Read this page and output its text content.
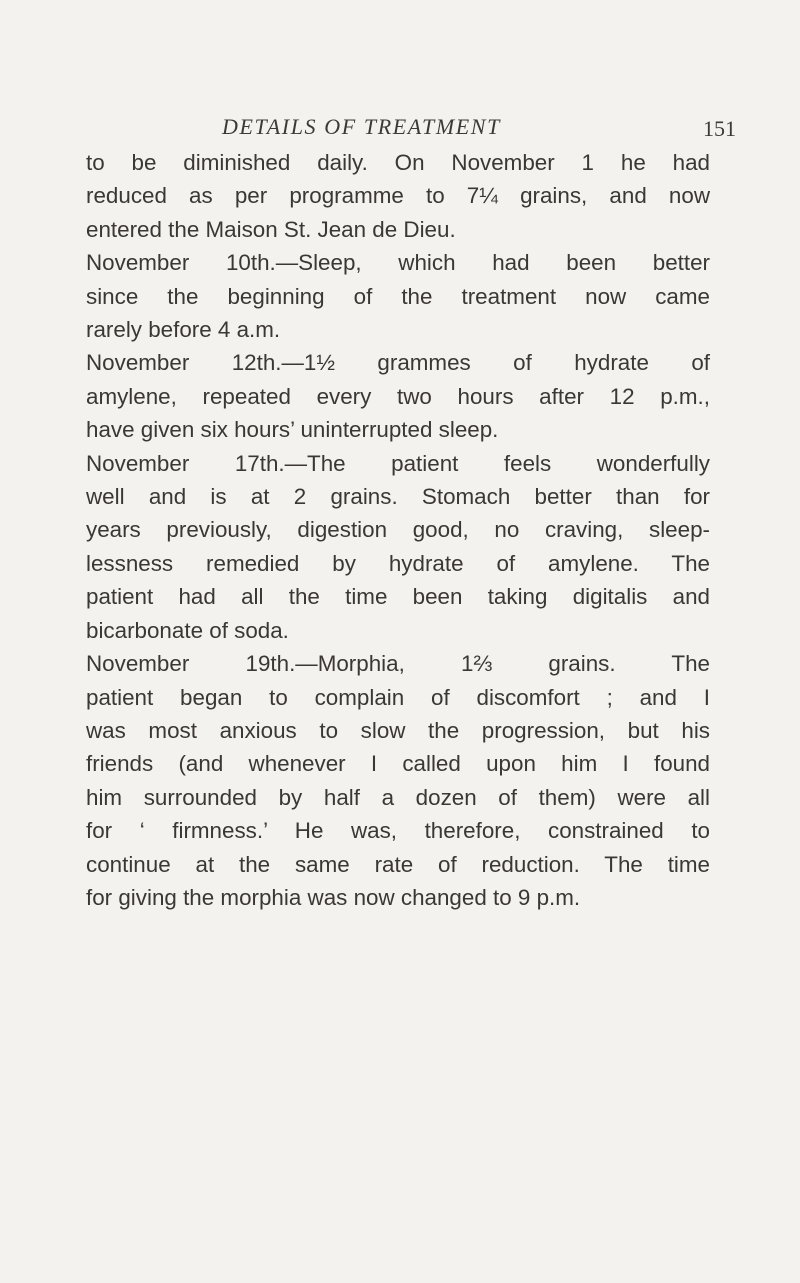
DETAILS OF TREATMENT	151

to be diminished daily. On November 1 he had
reduced as per programme to 7¼ grains, and now
entered the Maison St. Jean de Dieu.

November 10th.—Sleep, which had been better
since the beginning of the treatment now came
rarely before 4 a.m.

November 12th.—1½ grammes of hydrate of
amylene, repeated every two hours after 12 p.m.,
have given six hours’ uninterrupted sleep.

November 17th.—The patient feels wonderfully
well and is at 2 grains. Stomach better than for
years previously, digestion good, no craving, sleep-
lessness remedied by hydrate of amylene. The
patient had all the time been taking digitalis and
bicarbonate of soda.

November 19th.—Morphia, 1⅔ grains. The
patient began to complain of discomfort ; and I
was most anxious to slow the progression, but his
friends (and whenever I called upon him I found
him surrounded by half a dozen of them) were all
for ‘ firmness.’ He was, therefore, constrained to
continue at the same rate of reduction. The time
for giving the morphia was now changed to 9 p.m.
